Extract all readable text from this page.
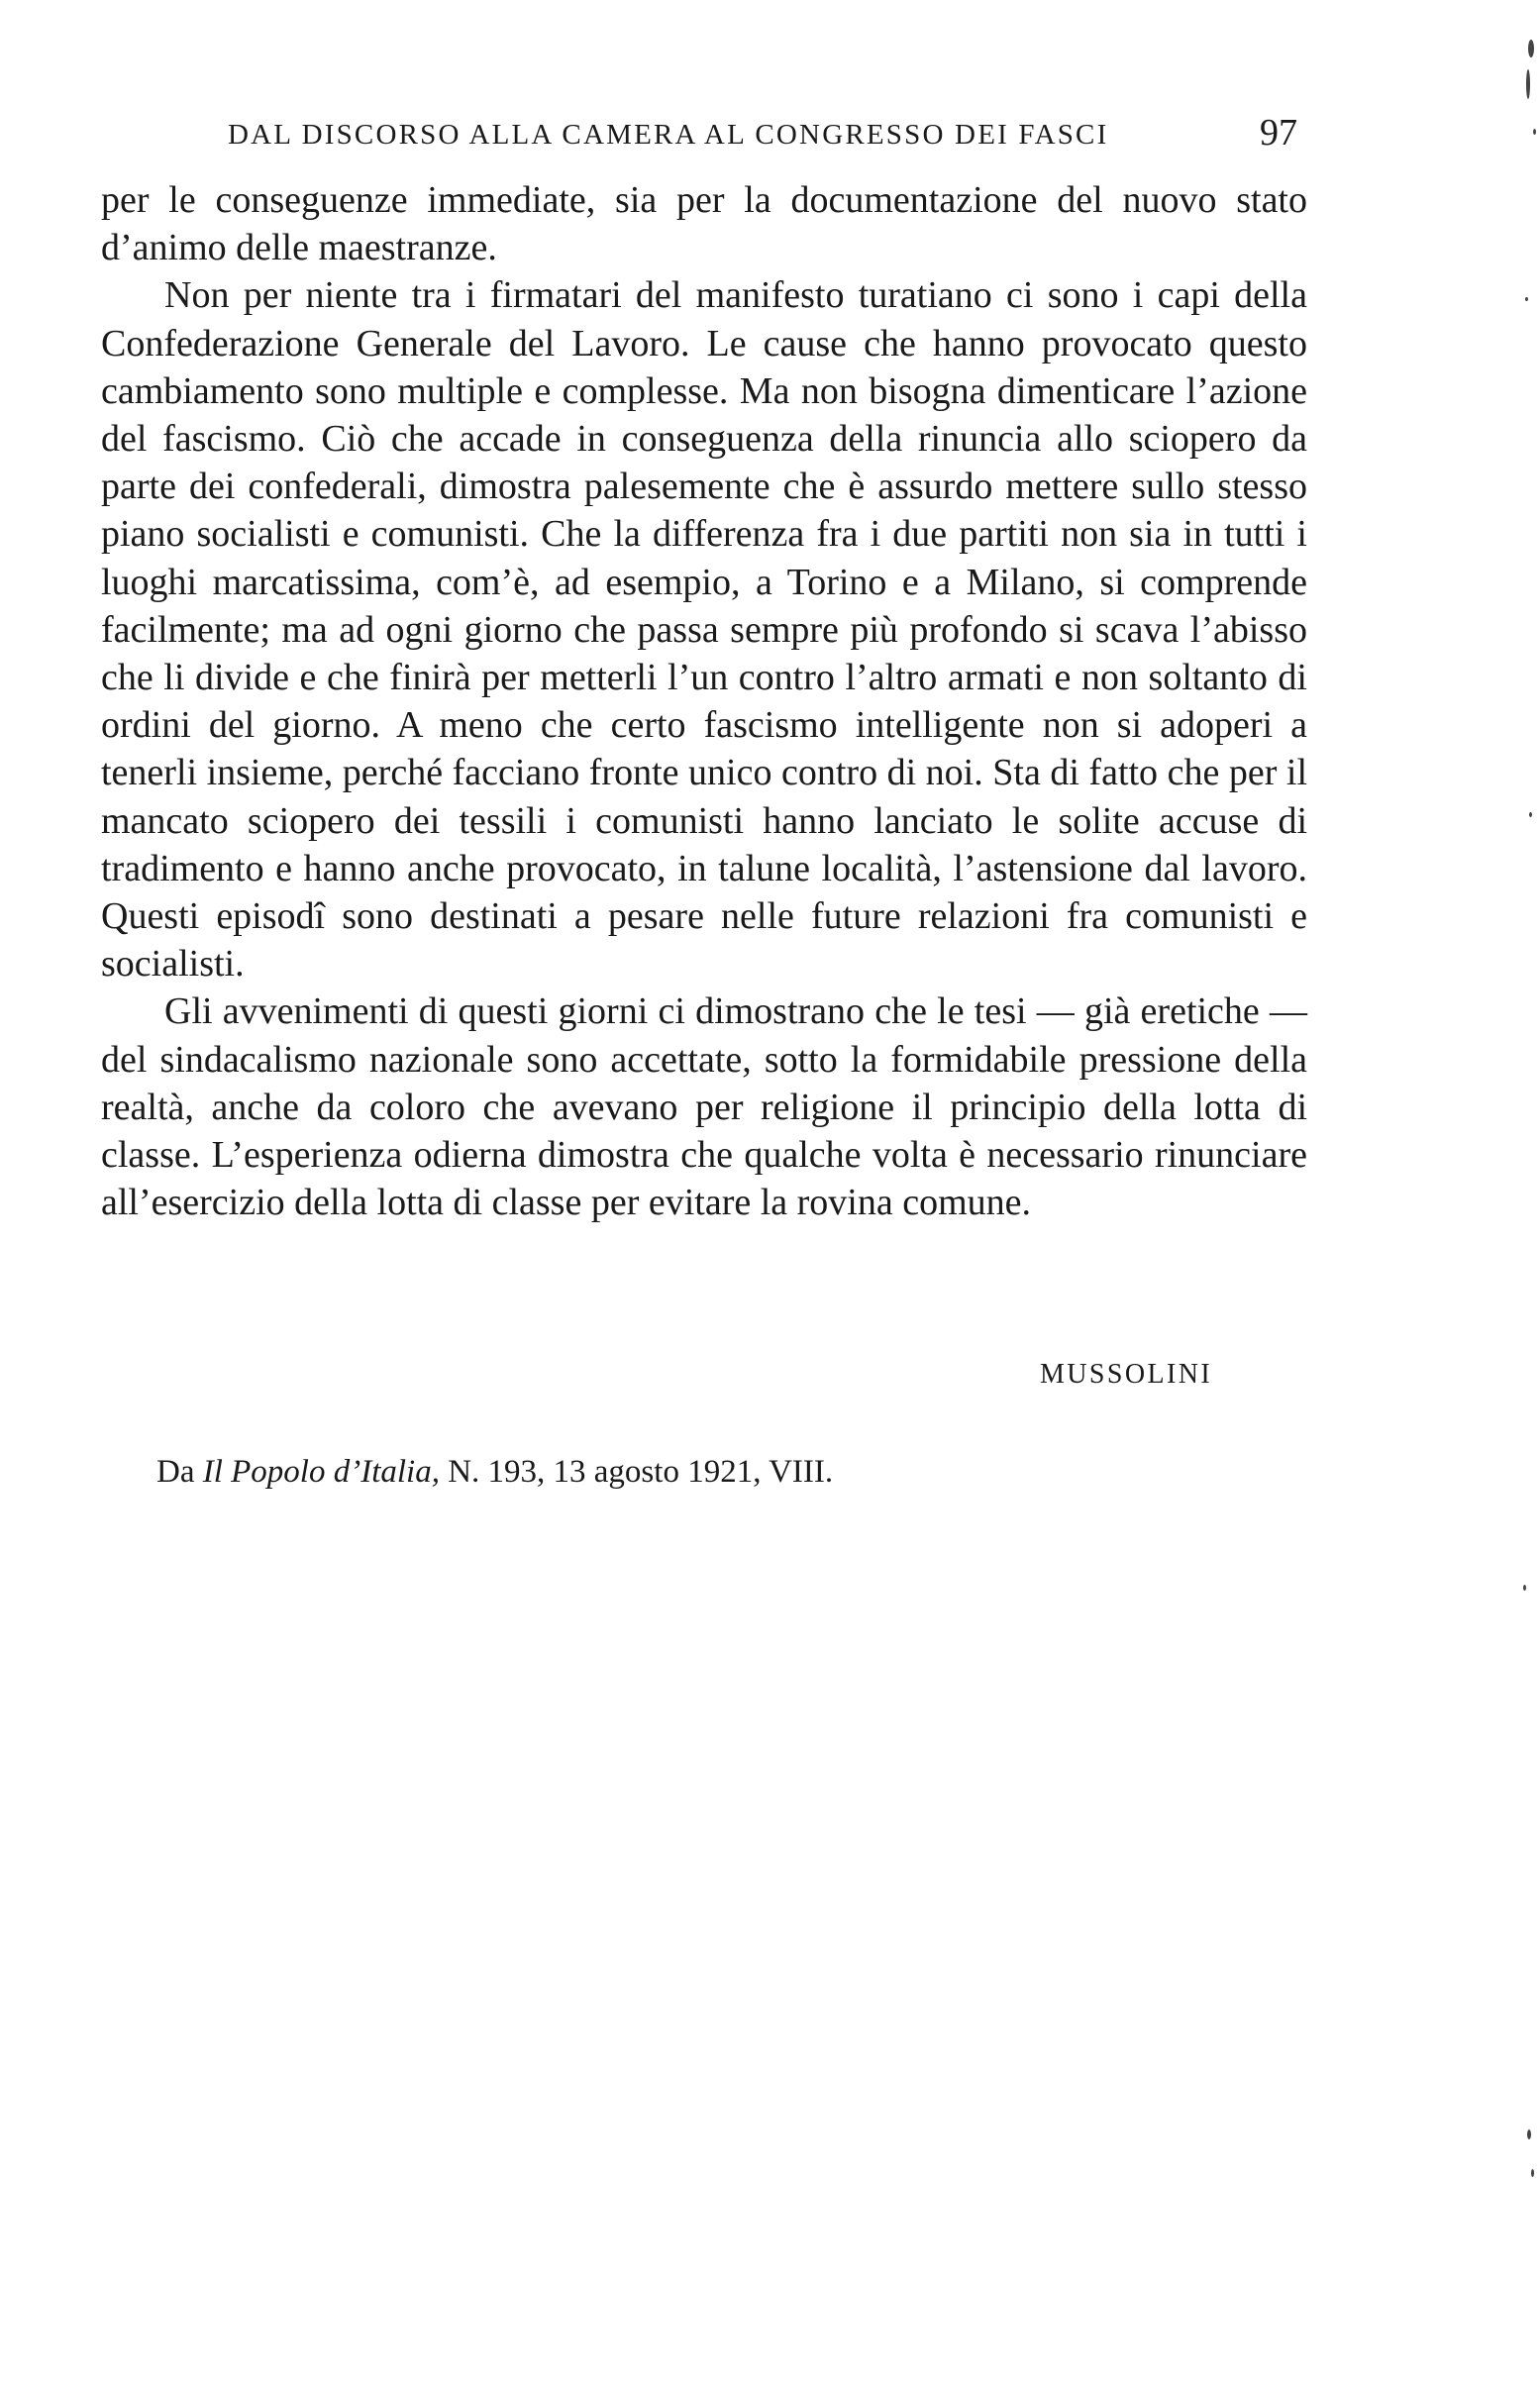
DAL DISCORSO ALLA CAMERA AL CONGRESSO DEI FASCI	97

per le conseguenze immediate, sia per la documentazione del nuovo stato d’animo delle maestranze.

Non per niente tra i firmatari del manifesto turatiano ci sono i capi della Confederazione Generale del Lavoro. Le cause che hanno provocato questo cambiamento sono multiple e complesse. Ma non bisogna dimenticare l’azione del fascismo. Ciò che accade in conseguenza della rinuncia allo sciopero da parte dei confederali, dimostra palesemente che è assurdo mettere sullo stesso piano socialisti e comunisti. Che la differenza fra i due partiti non sia in tutti i luoghi marcatissima, com’è, ad esempio, a Torino e a Milano, si comprende facilmente; ma ad ogni giorno che passa sempre più profondo si scava l’abisso che li divide e che finirà per metterli l’un contro l’altro armati e non soltanto di ordini del giorno. A meno che certo fascismo intelligente non si adoperi a tenerli insieme, perché facciano fronte unico contro di noi. Sta di fatto che per il mancato sciopero dei tessili i comunisti hanno lanciato le solite accuse di tradimento e hanno anche provocato, in talune località, l’astensione dal lavoro. Questi episodî sono destinati a pesare nelle future relazioni fra comunisti e socialisti.

Gli avvenimenti di questi giorni ci dimostrano che le tesi — già eretiche — del sindacalismo nazionale sono accettate, sotto la formidabile pressione della realtà, anche da coloro che avevano per religione il principio della lotta di classe. L’esperienza odierna dimostra che qualche volta è necessario rinunciare all’esercizio della lotta di classe per evitare la rovina comune.

MUSSOLINI
Da Il Popolo d’Italia, N. 193, 13 agosto 1921, VIII.
